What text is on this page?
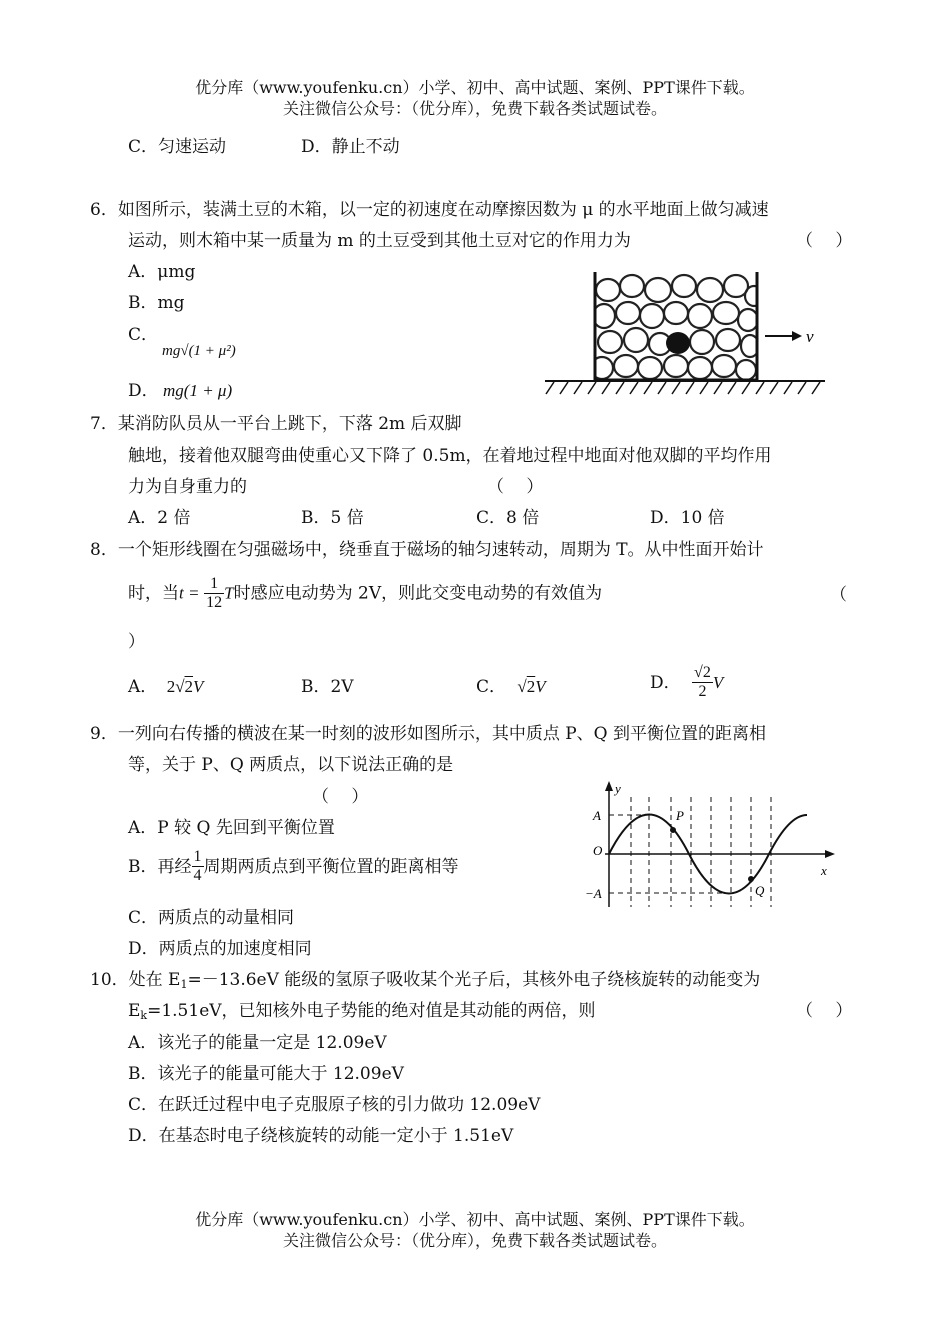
优分库（www.youfenku.cn）小学、初中、高中试题、案例、PPT课件下载。
关注微信公众号：（优分库），免费下载各类试题试卷。
C．匀速运动	D．静止不动
6．如图所示，装满土豆的木箱，以一定的初速度在动摩擦因数为 μ 的水平地面上做匀减速
运动，则木箱中某一质量为 m 的土豆受到其他土豆对它的作用力为	（　 ）
A．μmg
B．mg
C．
mg√(1 + μ²)
D． mg(1 + μ)
v
7．某消防队员从一平台上跳下，下落 2m 后双脚
触地，接着他双腿弯曲使重心又下降了 0.5m，在着地过程中地面对他双脚的平均作用
力为自身重力的	（　 ）
A．2 倍	B．5 倍	C．8 倍	D．10 倍
8．一个矩形线圈在匀强磁场中，绕垂直于磁场的轴匀速转动，周期为 T。从中性面开始计
时，当$t = \frac{1}{12}$ T时感应电动势为 2V，则此交变电动势的有效值为	（
）
A． 2√2V	B．2V	C． √2V	D． $\frac{√2}{2}$ V
9．一列向右传播的横波在某一时刻的波形如图所示，其中质点 P、Q 到平衡位置的距离相
等，关于 P、Q 两质点，以下说法正确的是
（　 ）
A．P 较 Q 先回到平衡位置
B．再经 $\frac{1}{4}$ 周期两质点到平衡位置的距离相等
C．两质点的动量相同
D．两质点的加速度相同
y
x
A
−A
O
P
Q
10．处在 $E_1=-13.6eV$ 能级的氢原子吸收某个光子后，其核外电子绕核旋转的动能变为
$E_k=1.51eV$，已知核外电子势能的绝对值是其动能的两倍，则	（　 ）
A．该光子的能量一定是 12.09eV
B．该光子的能量可能大于 12.09eV
C．在跃迁过程中电子克服原子核的引力做功 12.09eV
D．在基态时电子绕核旋转的动能一定小于 1.51eV
优分库（www.youfenku.cn）小学、初中、高中试题、案例、PPT课件下载。
关注微信公众号：（优分库），免费下载各类试题试卷。
